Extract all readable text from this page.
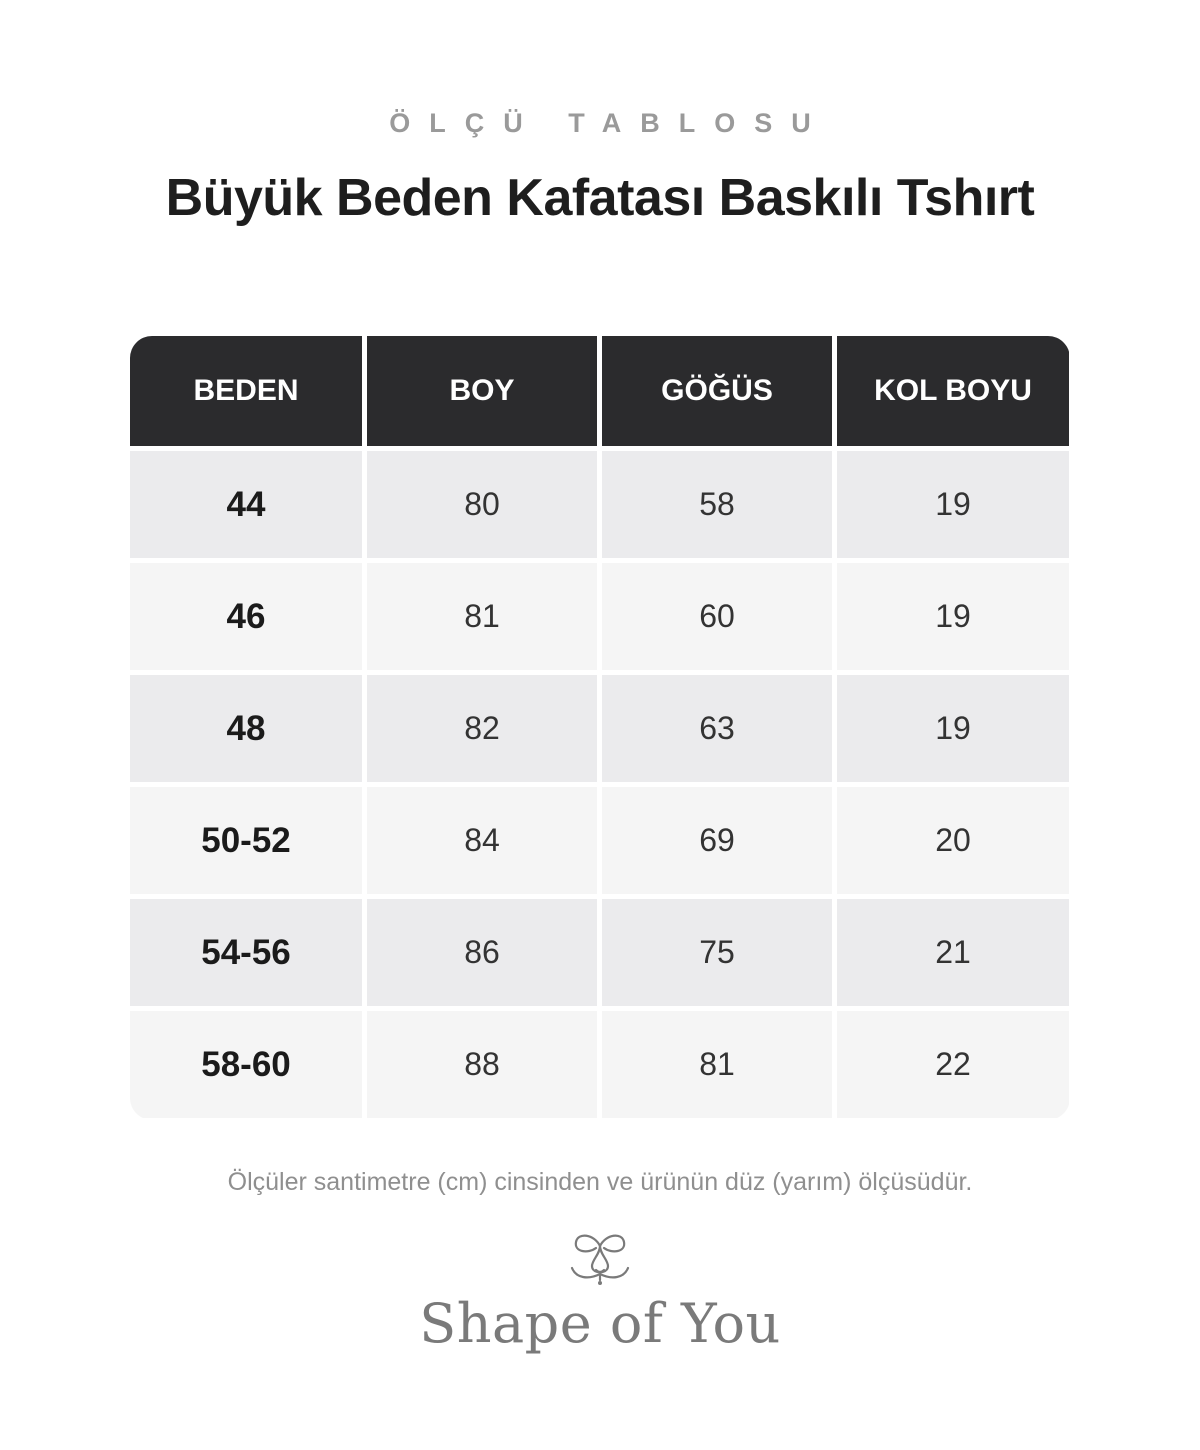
ÖLÇÜ TABLOSU
Büyük Beden Kafatası Baskılı Tshırt
BEDEN	BOY	GÖĞÜS	KOL BOYU
44	80	58	19
46	81	60	19
48	82	63	19
50-52	84	69	20
54-56	86	75	21
58-60	88	81	22
Ölçüler santimetre (cm) cinsinden ve ürünün düz (yarım) ölçüsüdür.
Shape of You
